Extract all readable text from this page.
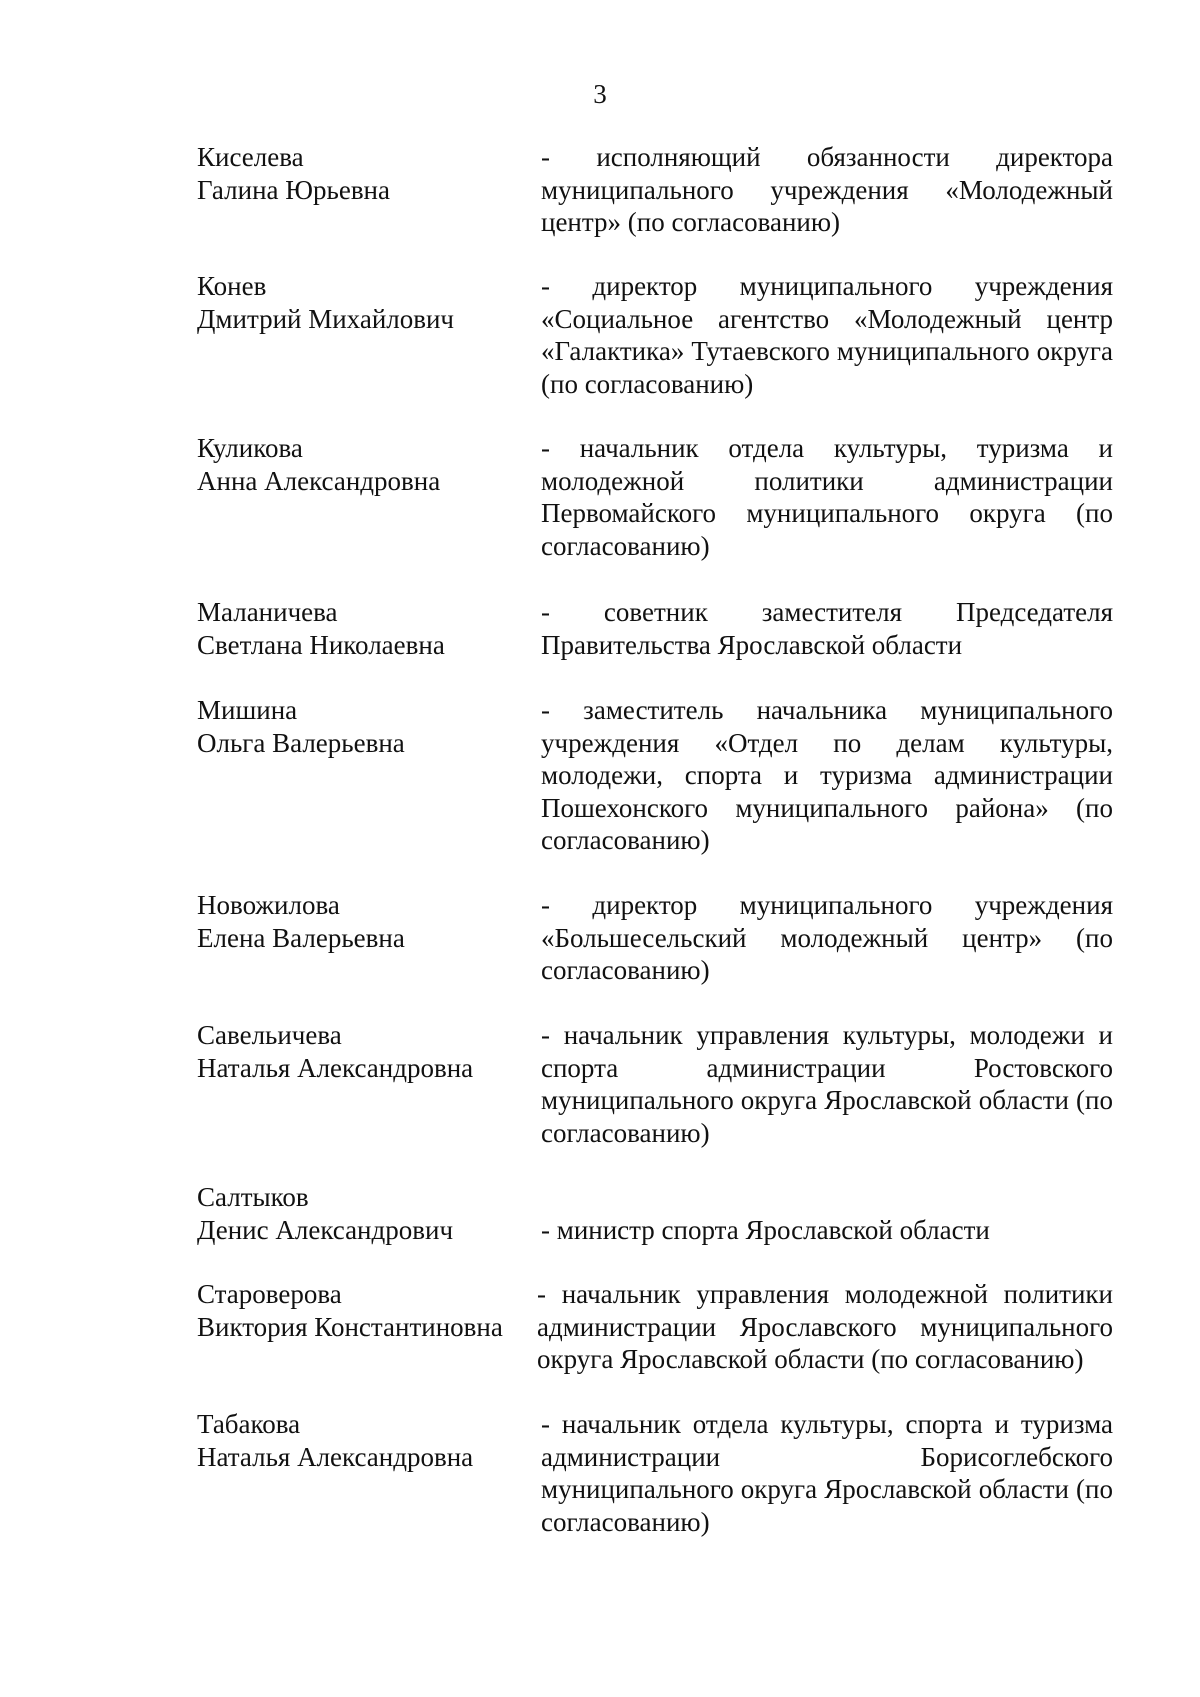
3
Киселева
Галина Юрьевна
- исполняющий обязанности директора муниципального учреждения «Молодежный центр» (по согласованию)
Конев
Дмитрий Михайлович
- директор муниципального учреждения «Социальное агентство «Молодежный центр «Галактика» Тутаевского муниципального округа (по согласованию)
Куликова
Анна Александровна
- начальник отдела культуры, туризма и молодежной политики администрации Первомайского муниципального округа (по согласованию)
Маланичева
Светлана Николаевна
- советник заместителя Председателя Правительства Ярославской области
Мишина
Ольга Валерьевна
- заместитель начальника муниципального учреждения «Отдел по делам культуры, молодежи, спорта и туризма администрации Пошехонского муниципального района» (по согласованию)
Новожилова
Елена Валерьевна
- директор муниципального учреждения «Большесельский молодежный центр» (по согласованию)
Савельичева
Наталья Александровна
- начальник управления культуры, молодежи и спорта администрации Ростовского муниципального округа Ярославской области (по согласованию)
Салтыков
Денис Александрович	- министр спорта Ярославской области
Староверова
Виктория Константиновна
- начальник управления молодежной политики администрации Ярославского муниципального округа Ярославской области (по согласованию)
Табакова
Наталья Александровна
- начальник отдела культуры, спорта и туризма администрации Борисоглебского муниципального округа Ярославской области (по согласованию)
